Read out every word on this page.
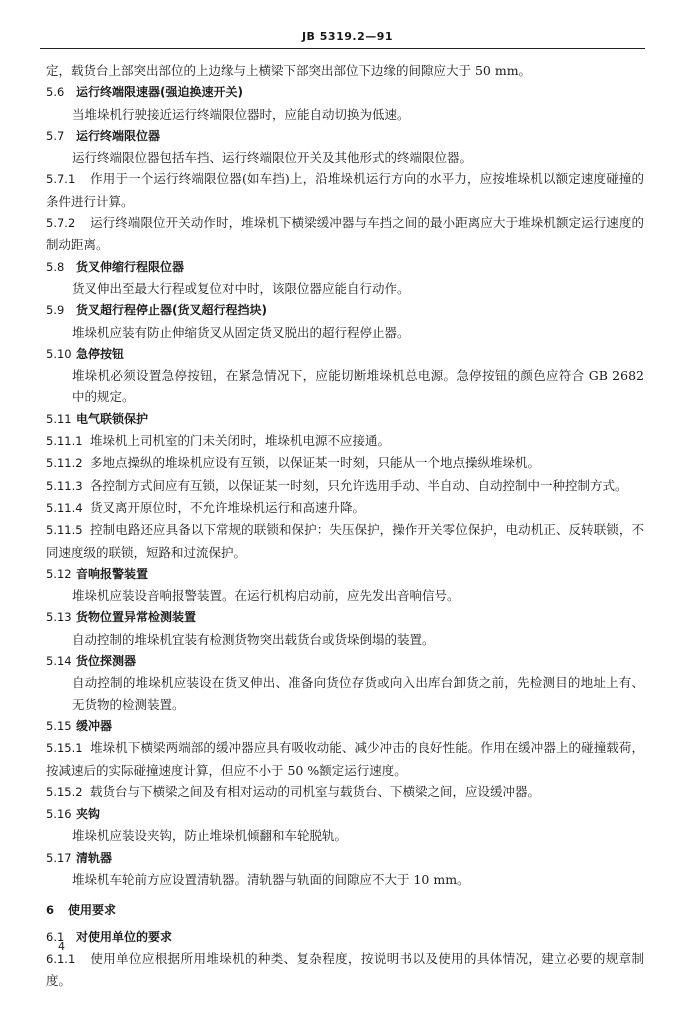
JB 5319.2—91
定，载货台上部突出部位的上边缘与上横梁下部突出部位下边缘的间隙应大于 50 mm。
5.6 运行终端限速器(强迫换速开关)
当堆垛机行驶接近运行终端限位器时，应能自动切换为低速。
5.7 运行终端限位器
运行终端限位器包括车挡、运行终端限位开关及其他形式的终端限位器。
5.7.1 作用于一个运行终端限位器(如车挡)上，沿堆垛机运行方向的水平力，应按堆垛机以额定速度碰撞的条件进行计算。
5.7.2 运行终端限位开关动作时，堆垛机下横梁缓冲器与车挡之间的最小距离应大于堆垛机额定运行速度的制动距离。
5.8 货叉伸缩行程限位器
货叉伸出至最大行程或复位对中时，该限位器应能自行动作。
5.9 货叉超行程停止器(货叉超行程挡块)
堆垛机应装有防止伸缩货叉从固定货叉脱出的超行程停止器。
5.10 急停按钮
堆垛机必须设置急停按钮，在紧急情况下，应能切断堆垛机总电源。急停按钮的颜色应符合 GB 2682 中的规定。
5.11 电气联锁保护
5.11.1 堆垛机上司机室的门未关闭时，堆垛机电源不应接通。
5.11.2 多地点操纵的堆垛机应设有互锁，以保证某一时刻，只能从一个地点操纵堆垛机。
5.11.3 各控制方式间应有互锁，以保证某一时刻，只允许选用手动、半自动、自动控制中一种控制方式。
5.11.4 货叉离开原位时，不允许堆垛机运行和高速升降。
5.11.5 控制电路还应具备以下常规的联锁和保护：失压保护，操作开关零位保护，电动机正、反转联锁，不同速度级的联锁，短路和过流保护。
5.12 音响报警装置
堆垛机应装设音响报警装置。在运行机构启动前，应先发出音响信号。
5.13 货物位置异常检测装置
自动控制的堆垛机宜装有检测货物突出载货台或货垛倒塌的装置。
5.14 货位探测器
自动控制的堆垛机应装设在货叉伸出、准备向货位存货或向入出库台卸货之前，先检测目的地址上有、无货物的检测装置。
5.15 缓冲器
5.15.1 堆垛机下横梁两端部的缓冲器应具有吸收动能、减少冲击的良好性能。作用在缓冲器上的碰撞载荷，按减速后的实际碰撞速度计算，但应不小于 50 %额定运行速度。
5.15.2 载货台与下横梁之间及有相对运动的司机室与载货台、下横梁之间，应设缓冲器。
5.16 夹钩
堆垛机应装设夹钩，防止堆垛机倾翻和车轮脱轨。
5.17 清轨器
堆垛机车轮前方应设置清轨器。清轨器与轨面的间隙应不大于 10 mm。
6 使用要求
6.1 对使用单位的要求
6.1.1 使用单位应根据所用堆垛机的种类、复杂程度，按说明书以及使用的具体情况，建立必要的规章制度。
4
